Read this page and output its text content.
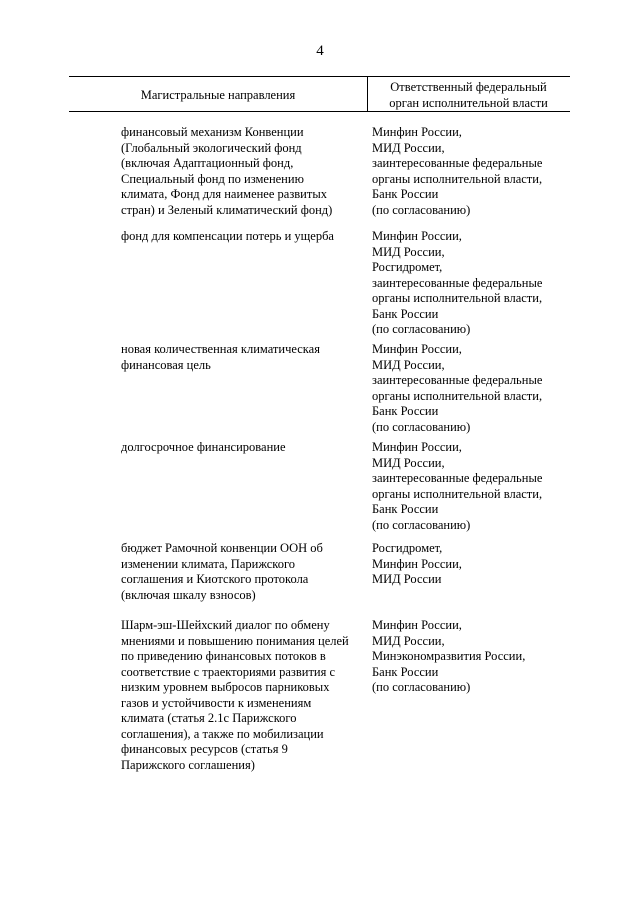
4
Магистральные направления
Ответственный федеральный
орган исполнительной власти
финансовый механизм Конвенции
(Глобальный экологический фонд
(включая Адаптационный фонд,
Специальный фонд по изменению
климата, Фонд для наименее развитых
стран) и Зеленый климатический фонд)
Минфин России,
МИД России,
заинтересованные федеральные
органы исполнительной власти,
Банк России
(по согласованию)
фонд для компенсации потерь и ущерба	Минфин России,
МИД России,
Росгидромет,
заинтересованные федеральные
органы исполнительной власти,
Банк России
(по согласованию)
новая количественная климатическая
финансовая цель
Минфин России,
МИД России,
заинтересованные федеральные
органы исполнительной власти,
Банк России
(по согласованию)
долгосрочное финансирование	Минфин России,
МИД России,
заинтересованные федеральные
органы исполнительной власти,
Банк России
(по согласованию)
бюджет Рамочной конвенции ООН об
изменении климата, Парижского
соглашения и Киотского протокола
(включая шкалу взносов)
Росгидромет,
Минфин России,
МИД России
Шарм-эш-Шейхский диалог по обмену
мнениями и повышению понимания целей
по приведению финансовых потоков в
соответствие с траекториями развития с
низким уровнем выбросов парниковых
газов и устойчивости к изменениям
климата (статья 2.1с Парижского
соглашения), а также по мобилизации
финансовых ресурсов (статья 9
Парижского соглашения)
Минфин России,
МИД России,
Минэкономразвития России,
Банк России
(по согласованию)
